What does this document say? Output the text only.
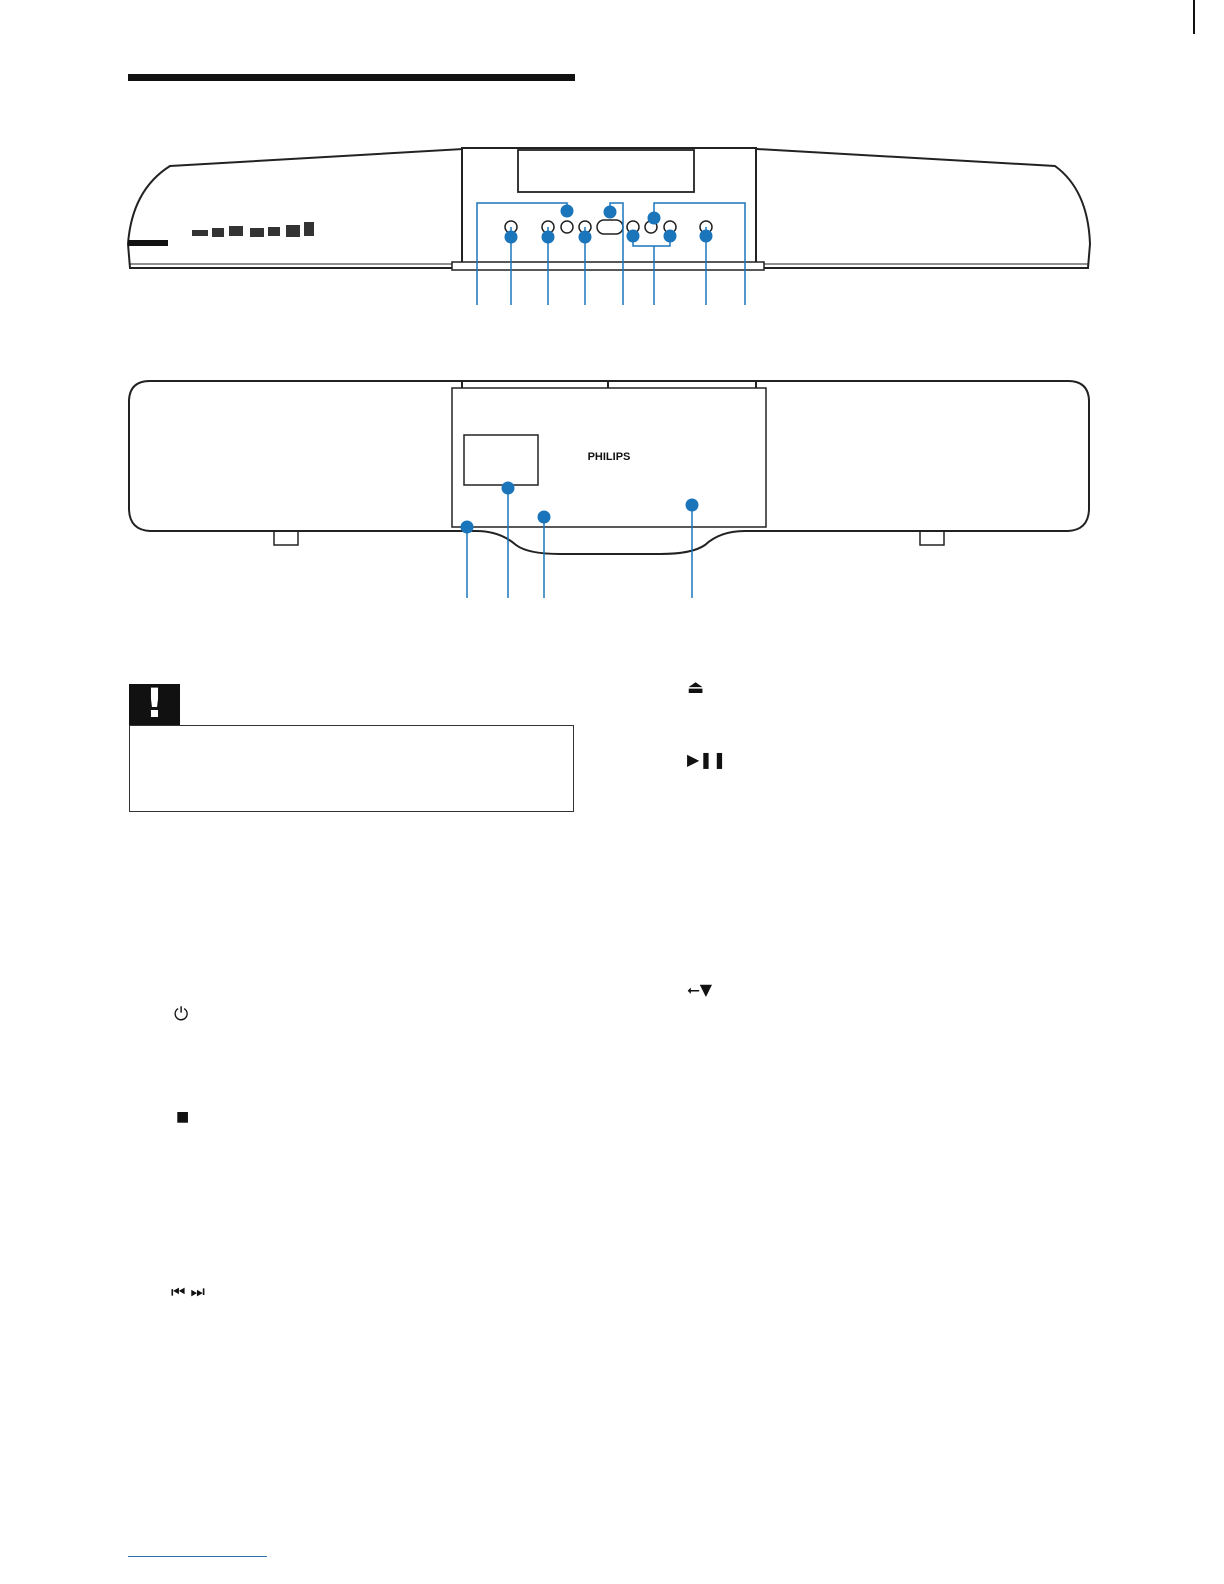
PHILIPS
!
⏻
■
⏮ ⏭
⏏
▶❚❚
⭠▼
